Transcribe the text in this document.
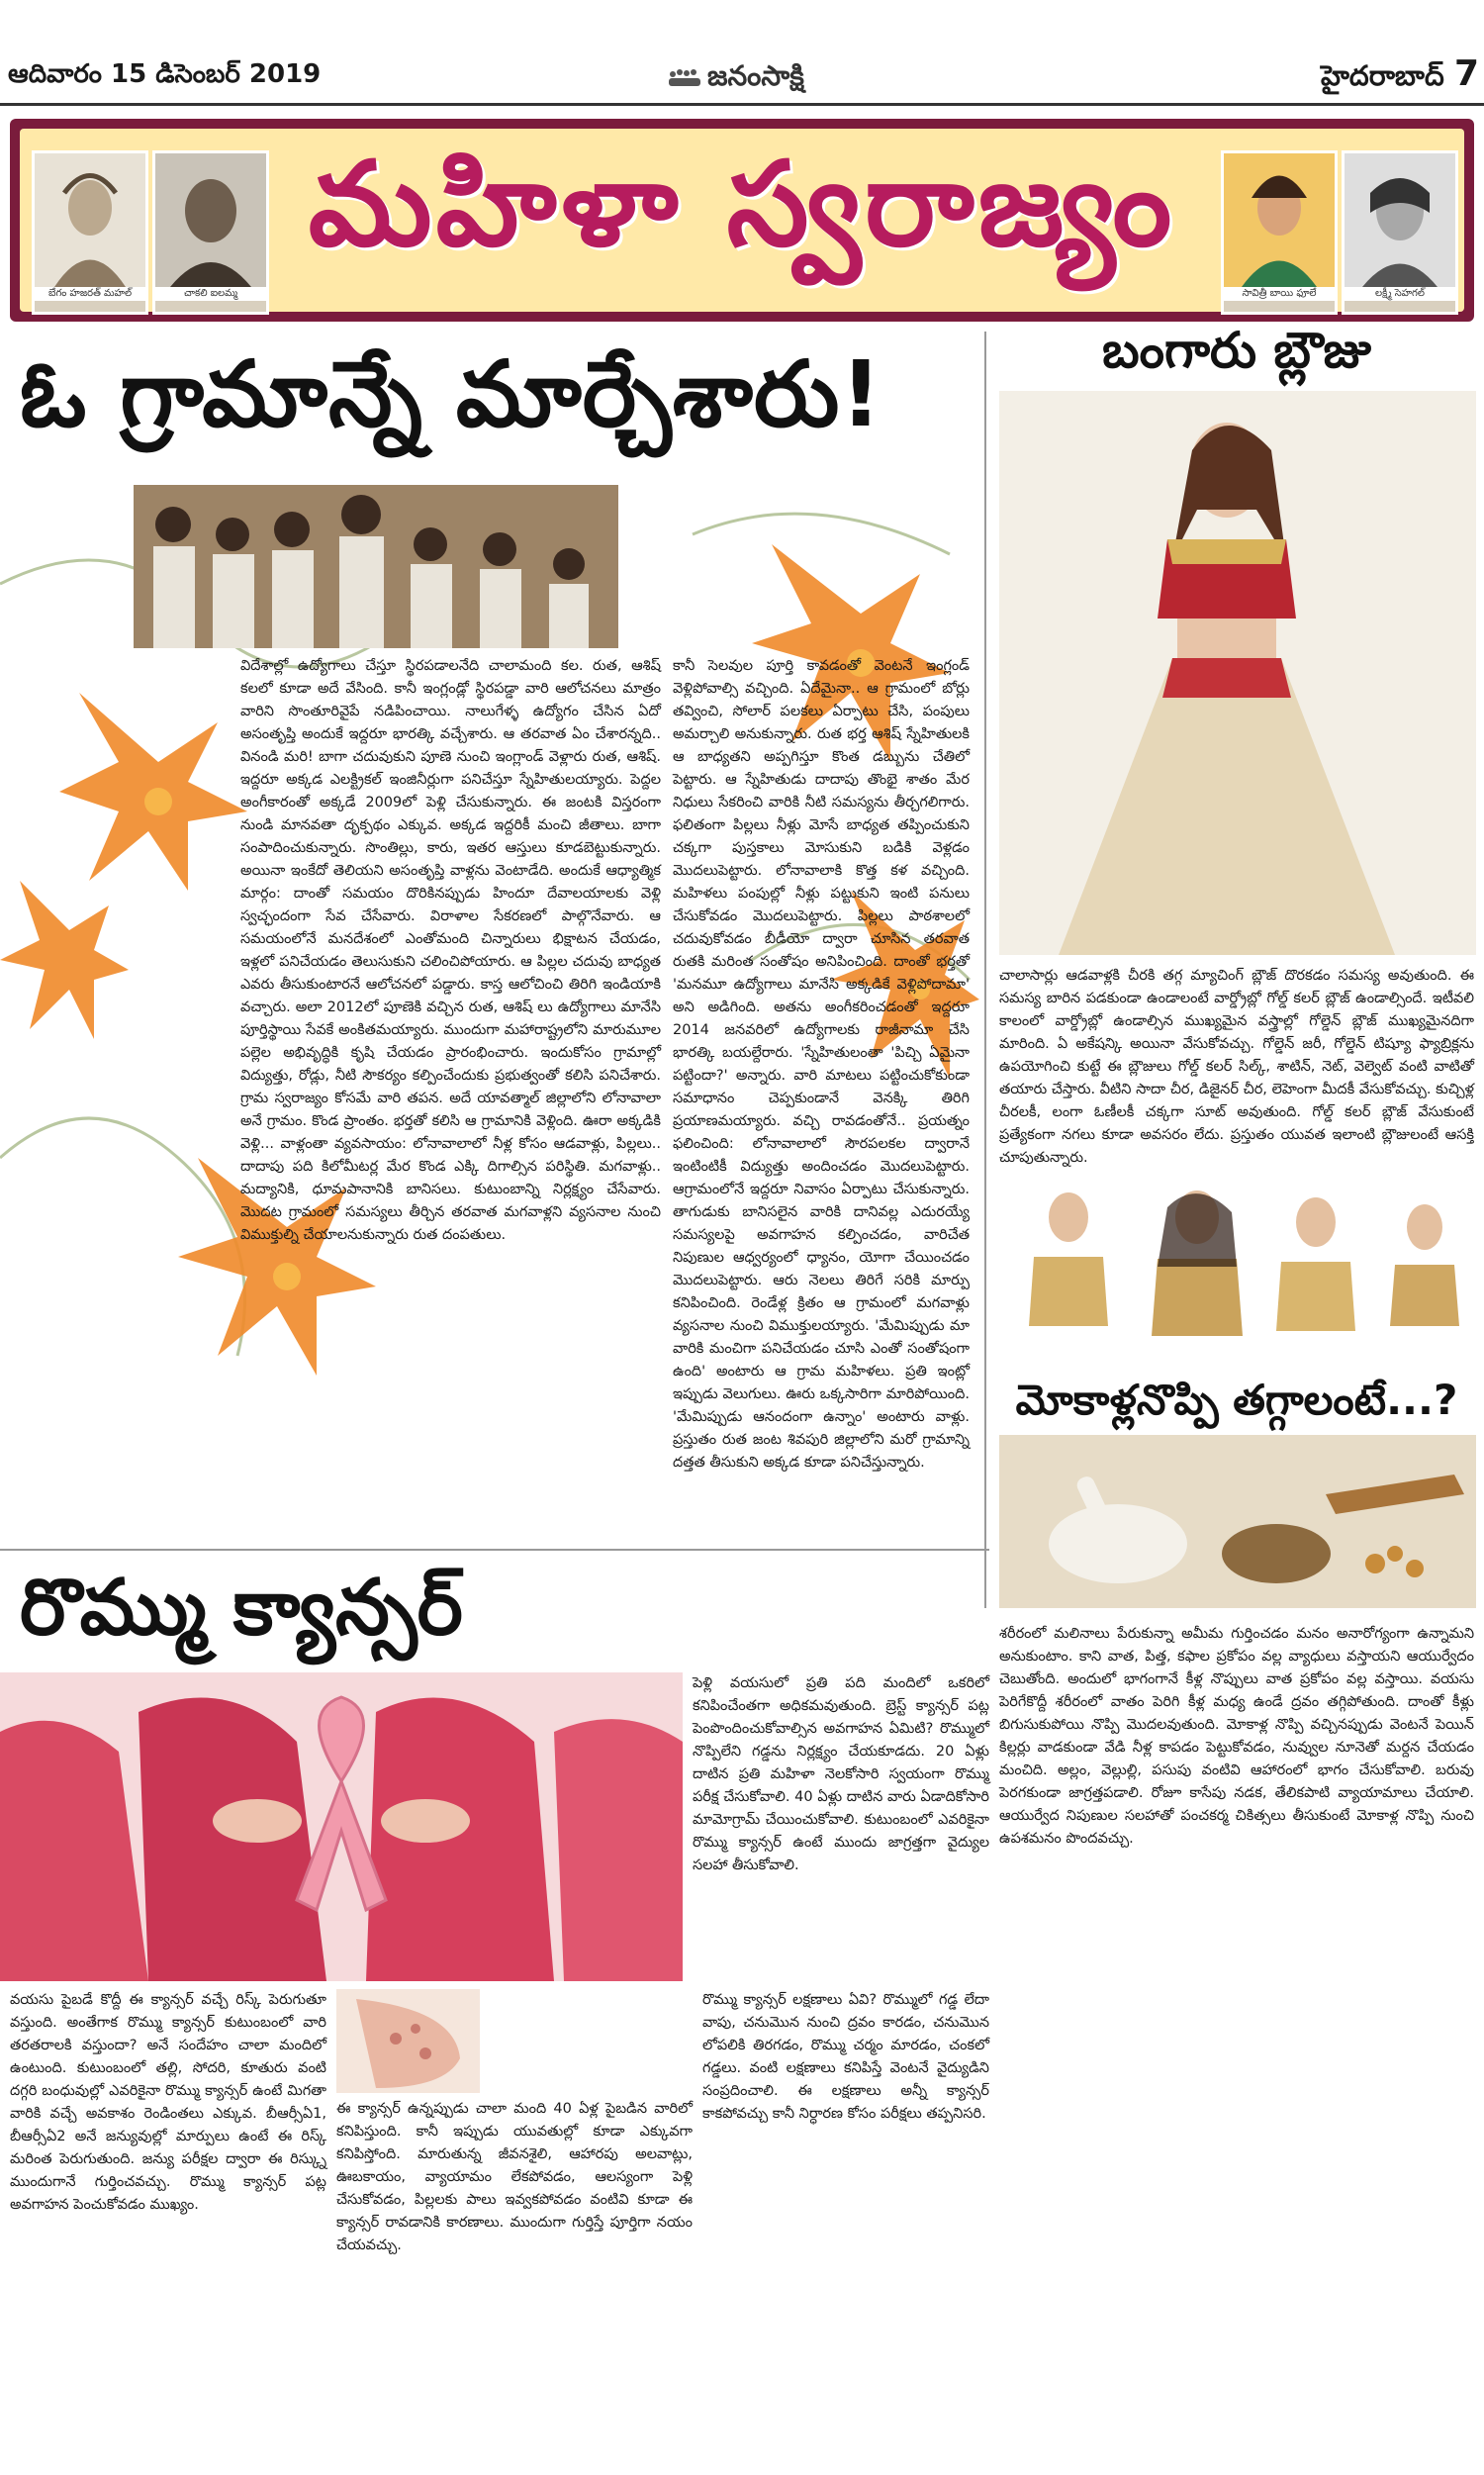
ఆదివారం 15 డిసెంబర్ 2019	జనంసాక్షి	హైదరాబాద్ 7
బేగం హజరత్ మహల్	చాకలి ఐలమ్మ	సావిత్రీ బాయి ఫూలే	లక్ష్మీ సెహగల్
మహిళా స్వరాజ్యం
ఓ గ్రామాన్నే మార్చేశారు!
విదేశాల్లో ఉద్యోగాలు చేస్తూ స్థిరపడాలనేది చాలామంది కల. రుత, ఆశిష్ కలలో కూడా అదే వేసింది. కానీ ఇంగ్లండ్లో స్థిరపడ్డా వారి ఆలోచనలు మాత్రం వారిని సొంతూరివైపే నడిపించాయి. నాలుగేళ్ళ ఉద్యోగం చేసిన ఏదో అసంతృప్తి అందుకే ఇద్దరూ భారత్కి వచ్చేశారు. ఆ తరవాత ఏం చేశారన్నది.. వినండి మరి! బాగా చదువుకుని పూణె నుంచి ఇంగ్లాండ్ వెళ్లారు రుత, ఆశిష్. ఇద్దరూ అక్కడ ఎలక్ట్రికల్ ఇంజినీర్లుగా పనిచేస్తూ స్నేహితులయ్యారు. పెద్దల అంగీకారంతో అక్కడే 2009లో పెళ్లి చేసుకున్నారు. ఈ జంటకి విస్తరంగా నుండి మానవతా దృక్పథం ఎక్కువ. అక్కడ ఇద్దరికీ మంచి జీతాలు. బాగా సంపాదించుకున్నారు. సొంతిల్లు, కారు, ఇతర ఆస్తులు కూడబెట్టుకున్నారు. అయినా ఇంకేదో తెలియని అసంతృప్తి వాళ్లను వెంటాడేది. అందుకే ఆధ్యాత్మిక మార్గం: దాంతో సమయం దొరికినప్పుడు హిందూ దేవాలయాలకు వెళ్లి స్వచ్ఛందంగా సేవ చేసేవారు. విరాళాల సేకరణలో పాల్గొనేవారు. ఆ సమయంలోనే మనదేశంలో ఎంతోమంది చిన్నారులు భిక్షాటన చేయడం, ఇళ్లలో పనిచేయడం తెలుసుకుని చలించిపోయారు. ఆ పిల్లల చదువు బాధ్యత ఎవరు తీసుకుంటారనే ఆలోచనలో పడ్డారు. కాస్త ఆలోచించి తిరిగి ఇండియాకి వచ్చారు. అలా 2012లో పూణెకి వచ్చిన రుత, ఆశిష్ లు ఉద్యోగాలు మానేసి పూర్తిస్థాయి సేవకే అంకితమయ్యారు. ముందుగా మహారాష్ట్రలోని మారుమూల పల్లెల అభివృద్ధికి కృషి చేయడం ప్రారంభించారు. ఇందుకోసం గ్రామాల్లో విద్యుత్తు, రోడ్లు, నీటి సౌకర్యం కల్పించేందుకు ప్రభుత్వంతో కలిసి పనిచేశారు. గ్రామ స్వరాజ్యం కోసమే వారి తపన. అదే యావత్మాల్ జిల్లాలోని లోనావాలా అనే గ్రామం. కొండ ప్రాంతం. భర్తతో కలిసి ఆ గ్రామానికి వెళ్లింది. ఊరా అక్కడికి వెళ్లి... వాళ్లంతా వ్యవసాయం: లోనావాలాలో నీళ్ల కోసం ఆడవాళ్లు, పిల్లలు.. దాదాపు పది కిలోమీటర్ల మేర కొండ ఎక్కి దిగాల్సిన పరిస్థితి. మగవాళ్లు.. మద్యానికి, ధూమపానానికి బానిసలు. కుటుంబాన్ని నిర్లక్ష్యం చేసేవారు. మొదట గ్రామంలో సమస్యలు తీర్చిన తరవాత మగవాళ్లని వ్యసనాల నుంచి విముక్తుల్ని చేయాలనుకున్నారు రుత దంపతులు.
కానీ సెలవుల పూర్తి కావడంతో వెంటనే ఇంగ్లండ్ వెళ్లిపోవాల్సి వచ్చింది. ఏదేమైనా.. ఆ గ్రామంలో బోర్లు తవ్వించి, సోలార్ పలకలు ఏర్పాటు చేసి, పంపులు అమర్చాలి అనుకున్నారు. రుత భర్త ఆశిష్ స్నేహితులకి ఆ బాధ్యతని అప్పగిస్తూ కొంత డబ్బును చేతిలో పెట్టారు. ఆ స్నేహితుడు దాదాపు తొంభై శాతం మేర నిధులు సేకరించి వారికి నీటి సమస్యను తీర్చగలిగారు. ఫలితంగా పిల్లలు నీళ్లు మోసే బాధ్యత తప్పించుకుని చక్కగా పుస్తకాలు మోసుకుని బడికి వెళ్లడం మొదలుపెట్టారు. లోనావాలాకి కొత్త కళ వచ్చింది. మహిళలు పంపుల్లో నీళ్లు పట్టుకుని ఇంటి పనులు చేసుకోవడం మొదలుపెట్టారు. పిల్లలు పాఠశాలలో చదువుకోవడం బీడీయో ద్వారా చూసిన తరవాత రుతకి మరింత సంతోషం అనిపించింది. దాంతో భర్తతో 'మనమూ ఉద్యోగాలు మానేసి అక్కడికే వెళ్లిపోదామా' అని అడిగింది. అతను అంగీకరించడంతో ఇద్దరూ 2014 జనవరిలో ఉద్యోగాలకు రాజీనామా చేసి భారత్కి బయల్దేరారు. 'స్నేహితులంతా 'పిచ్చి ఏమైనా పట్టిందా?' అన్నారు. వారి మాటలు పట్టించుకోకుండా సమాధానం చెప్పకుండానే వెనక్కి తిరిగి ప్రయాణమయ్యారు. వచ్చి రావడంతోనే.. ప్రయత్నం ఫలించింది: లోనావాలాలో సౌరపలకల ద్వారానే ఇంటింటికీ విద్యుత్తు అందించడం మొదలుపెట్టారు. ఆగ్రామంలోనే ఇద్దరూ నివాసం ఏర్పాటు చేసుకున్నారు. తాగుడుకు బానిసలైన వారికి దానివల్ల ఎదురయ్యే సమస్యలపై అవగాహన కల్పించడం, వారిచేత నిపుణుల ఆధ్వర్యంలో ధ్యానం, యోగా చేయించడం మొదలుపెట్టారు. ఆరు నెలలు తిరిగే సరికి మార్పు కనిపించింది. రెండేళ్ల క్రితం ఆ గ్రామంలో మగవాళ్లు వ్యసనాల నుంచి విముక్తులయ్యారు. 'మేమిప్పుడు మా వారికి మంచిగా పనిచేయడం చూసి ఎంతో సంతోషంగా ఉంది' అంటారు ఆ గ్రామ మహిళలు. ప్రతి ఇంట్లో ఇప్పుడు వెలుగులు. ఊరు ఒక్కసారిగా మారిపోయింది. 'మేమిప్పుడు ఆనందంగా ఉన్నాం' అంటారు వాళ్లు. ప్రస్తుతం రుత జంట శివపురి జిల్లాలోని మరో గ్రామాన్ని దత్తత తీసుకుని అక్కడ కూడా పనిచేస్తున్నారు.
బంగారు బ్లౌజు
చాలాసార్లు ఆడవాళ్లకి చీరకి తగ్గ మ్యాచింగ్ బ్లౌజ్ దొరకడం సమస్య అవుతుంది. ఈ సమస్య బారిన పడకుండా ఉండాలంటే వార్డ్రోబ్లో గోల్డ్ కలర్ బ్లౌజ్ ఉండాల్సిందే. ఇటీవలి కాలంలో వార్డ్రోబ్లో ఉండాల్సిన ముఖ్యమైన వస్త్రాల్లో గోల్డెన్ బ్లౌజ్ ముఖ్యమైనదిగా మారింది. ఏ అకేషన్కి అయినా వేసుకోవచ్చు. గోల్డెన్ జరీ, గోల్డెన్ టిష్యూ ఫ్యాబ్రిక్లను ఉపయోగించి కుట్టే ఈ బ్లౌజులు గోల్డ్ కలర్ సిల్క్, శాటిన్, నెట్, వెల్వెట్ వంటి వాటితో తయారు చేస్తారు. వీటిని సాదా చీర, డిజైనర్ చీర, లెహెంగా మీదకీ వేసుకోవచ్చు. కుచ్చిళ్ల చీరలకీ, లంగా ఓణీలకీ చక్కగా సూట్ అవుతుంది. గోల్డ్ కలర్ బ్లౌజ్ వేసుకుంటే ప్రత్యేకంగా నగలు కూడా అవసరం లేదు. ప్రస్తుతం యువత ఇలాంటి బ్లౌజులంటే ఆసక్తి చూపుతున్నారు.
మోకాళ్లనొప్పి తగ్గాలంటే...?
శరీరంలో మలినాలు పేరుకున్నా అమీమ గుర్తించడం మనం అనారోగ్యంగా ఉన్నామని అనుకుంటాం. కాని వాత, పిత్త, కఫాల ప్రకోపం వల్ల వ్యాధులు వస్తాయని ఆయుర్వేదం చెబుతోంది. అందులో భాగంగానే కీళ్ల నొప్పులు వాత ప్రకోపం వల్ల వస్తాయి. వయసు పెరిగేకొద్దీ శరీరంలో వాతం పెరిగి కీళ్ల మధ్య ఉండే ద్రవం తగ్గిపోతుంది. దాంతో కీళ్లు బిగుసుకుపోయి నొప్పి మొదలవుతుంది. మోకాళ్ల నొప్పి వచ్చినప్పుడు వెంటనే పెయిన్ కిల్లర్లు వాడకుండా వేడి నీళ్ల కాపడం పెట్టుకోవడం, నువ్వుల నూనెతో మర్దన చేయడం మంచిది. అల్లం, వెల్లుల్లి, పసుపు వంటివి ఆహారంలో భాగం చేసుకోవాలి. బరువు పెరగకుండా జాగ్రత్తపడాలి. రోజూ కాసేపు నడక, తేలికపాటి వ్యాయామాలు చేయాలి. ఆయుర్వేద నిపుణుల సలహాతో పంచకర్మ చికిత్సలు తీసుకుంటే మోకాళ్ల నొప్పి నుంచి ఉపశమనం పొందవచ్చు.
రొమ్ము క్యాన్సర్
పెళ్లి వయసులో ప్రతి పది మందిలో ఒకరిలో కనిపించేంతగా అధికమవుతుంది. బ్రెస్ట్ క్యాన్సర్ పట్ల పెంపొందించుకోవాల్సిన అవగాహన ఏమిటి? రొమ్ములో నొప్పిలేని గడ్డను నిర్లక్ష్యం చేయకూడదు. 20 ఏళ్లు దాటిన ప్రతి మహిళా నెలకోసారి స్వయంగా రొమ్ము పరీక్ష చేసుకోవాలి. 40 ఏళ్లు దాటిన వారు ఏడాదికోసారి మామోగ్రామ్ చేయించుకోవాలి. కుటుంబంలో ఎవరికైనా రొమ్ము క్యాన్సర్ ఉంటే ముందు జాగ్రత్తగా వైద్యుల సలహా తీసుకోవాలి.
వయసు పైబడే కొద్దీ ఈ క్యాన్సర్ వచ్చే రిస్క్ పెరుగుతూ వస్తుంది. అంతేగాక రొమ్ము క్యాన్సర్ కుటుంబంలో వారి తరతరాలకి వస్తుందా? అనే సందేహం చాలా మందిలో ఉంటుంది. కుటుంబంలో తల్లి, సోదరి, కూతురు వంటి దగ్గరి బంధువుల్లో ఎవరికైనా రొమ్ము క్యాన్సర్ ఉంటే మిగతా వారికి వచ్చే అవకాశం రెండింతలు ఎక్కువ. బీఆర్సీఏ1, బీఆర్సీఏ2 అనే జన్యువుల్లో మార్పులు ఉంటే ఈ రిస్క్ మరింత పెరుగుతుంది. జన్యు పరీక్షల ద్వారా ఈ రిస్క్ను ముందుగానే గుర్తించవచ్చు. రొమ్ము క్యాన్సర్ పట్ల అవగాహన పెంచుకోవడం ముఖ్యం.
ఈ క్యాన్సర్ ఉన్నప్పుడు చాలా మంది 40 ఏళ్ల పైబడిన వారిలో కనిపిస్తుంది. కానీ ఇప్పుడు యువతుల్లో కూడా ఎక్కువగా కనిపిస్తోంది. మారుతున్న జీవనశైలి, ఆహారపు అలవాట్లు, ఊబకాయం, వ్యాయామం లేకపోవడం, ఆలస్యంగా పెళ్లి చేసుకోవడం, పిల్లలకు పాలు ఇవ్వకపోవడం వంటివి కూడా ఈ క్యాన్సర్ రావడానికి కారణాలు. ముందుగా గుర్తిస్తే పూర్తిగా నయం చేయవచ్చు.
రొమ్ము క్యాన్సర్ లక్షణాలు ఏవి? రొమ్ములో గడ్డ లేదా వాపు, చనుమొన నుంచి ద్రవం కారడం, చనుమొన లోపలికి తిరగడం, రొమ్ము చర్మం మారడం, చంకలో గడ్డలు. వంటి లక్షణాలు కనిపిస్తే వెంటనే వైద్యుడిని సంప్రదించాలి. ఈ లక్షణాలు అన్నీ క్యాన్సర్ కాకపోవచ్చు కానీ నిర్ధారణ కోసం పరీక్షలు తప్పనిసరి.
